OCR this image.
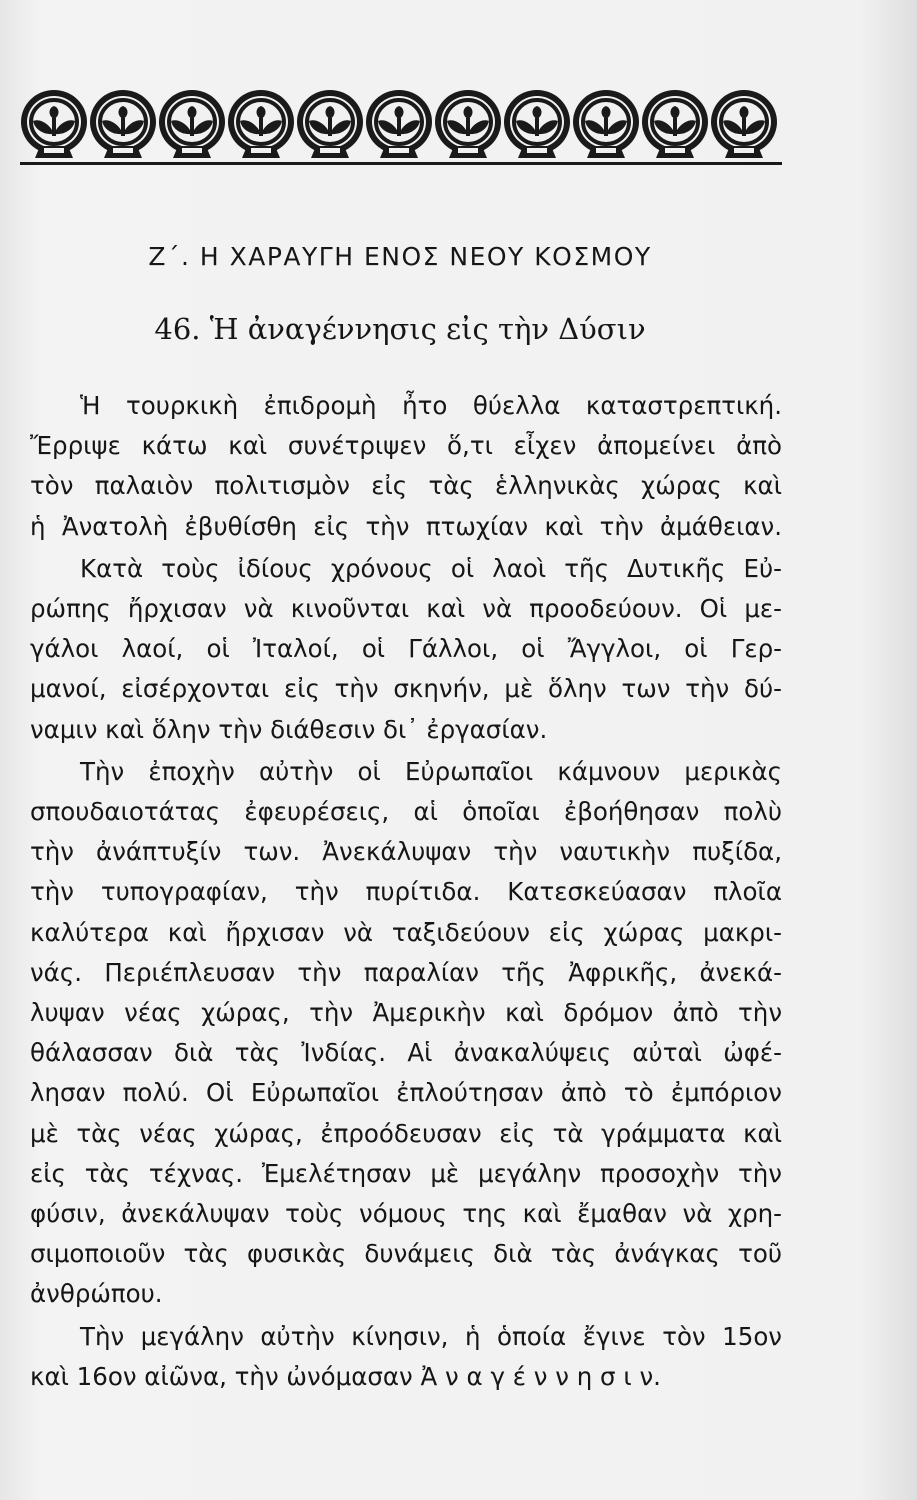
Ζ΄. Η ΧΑΡΑΥΓΗ ΕΝΟΣ ΝΕΟΥ ΚΟΣΜΟΥ
46. Ἡ ἀναγέννησις εἰς τὴν Δύσιν
Ἡ τουρκικὴ ἐπιδρομὴ ἦτο θύελλα καταστρεπτική.
Ἔρριψε κάτω καὶ συνέτριψεν ὅ,τι εἶχεν ἀπομείνει ἀπὸ
τὸν παλαιὸν πολιτισμὸν εἰς τὰς ἑλληνικὰς χώρας καὶ
ἡ Ἀνατολὴ ἐβυθίσθη εἰς τὴν πτωχίαν καὶ τὴν ἀμάθειαν.
Κατὰ τοὺς ἰδίους χρόνους οἱ λαοὶ τῆς Δυτικῆς Εὐ-
ρώπης ἤρχισαν νὰ κινοῦνται καὶ νὰ προοδεύουν. Οἱ με-
γάλοι λαοί, οἱ Ἰταλοί, οἱ Γάλλοι, οἱ Ἄγγλοι, οἱ Γερ-
μανοί, εἰσέρχονται εἰς τὴν σκηνήν, μὲ ὅλην των τὴν δύ-
ναμιν καὶ ὅλην τὴν διάθεσιν δι᾿ ἐργασίαν.
Τὴν ἐποχὴν αὐτὴν οἱ Εὐρωπαῖοι κάμνουν μερικὰς
σπουδαιοτάτας ἐφευρέσεις, αἱ ὁποῖαι ἐβοήθησαν πολὺ
τὴν ἀνάπτυξίν των. Ἀνεκάλυψαν τὴν ναυτικὴν πυξίδα,
τὴν τυπογραφίαν, τὴν πυρίτιδα. Κατεσκεύασαν πλοῖα
καλύτερα καὶ ἤρχισαν νὰ ταξιδεύουν εἰς χώρας μακρι-
νάς. Περιέπλευσαν τὴν παραλίαν τῆς Ἀφρικῆς, ἀνεκά-
λυψαν νέας χώρας, τὴν Ἀμερικὴν καὶ δρόμον ἀπὸ τὴν
θάλασσαν διὰ τὰς Ἰνδίας. Αἱ ἀνακαλύψεις αὐταὶ ὠφέ-
λησαν πολύ. Οἱ Εὐρωπαῖοι ἐπλούτησαν ἀπὸ τὸ ἐμπόριον
μὲ τὰς νέας χώρας, ἐπροόδευσαν εἰς τὰ γράμματα καὶ
εἰς τὰς τέχνας. Ἐμελέτησαν μὲ μεγάλην προσοχὴν τὴν
φύσιν, ἀνεκάλυψαν τοὺς νόμους της καὶ ἔμαθαν νὰ χρη-
σιμοποιοῦν τὰς φυσικὰς δυνάμεις διὰ τὰς ἀνάγκας τοῦ
ἀνθρώπου.
Τὴν μεγάλην αὐτὴν κίνησιν, ἡ ὁποία ἔγινε τὸν 15ον
καὶ 16ον αἰῶνα, τὴν ὠνόμασαν Ἀ ν α γ έ ν ν η σ ι ν.
